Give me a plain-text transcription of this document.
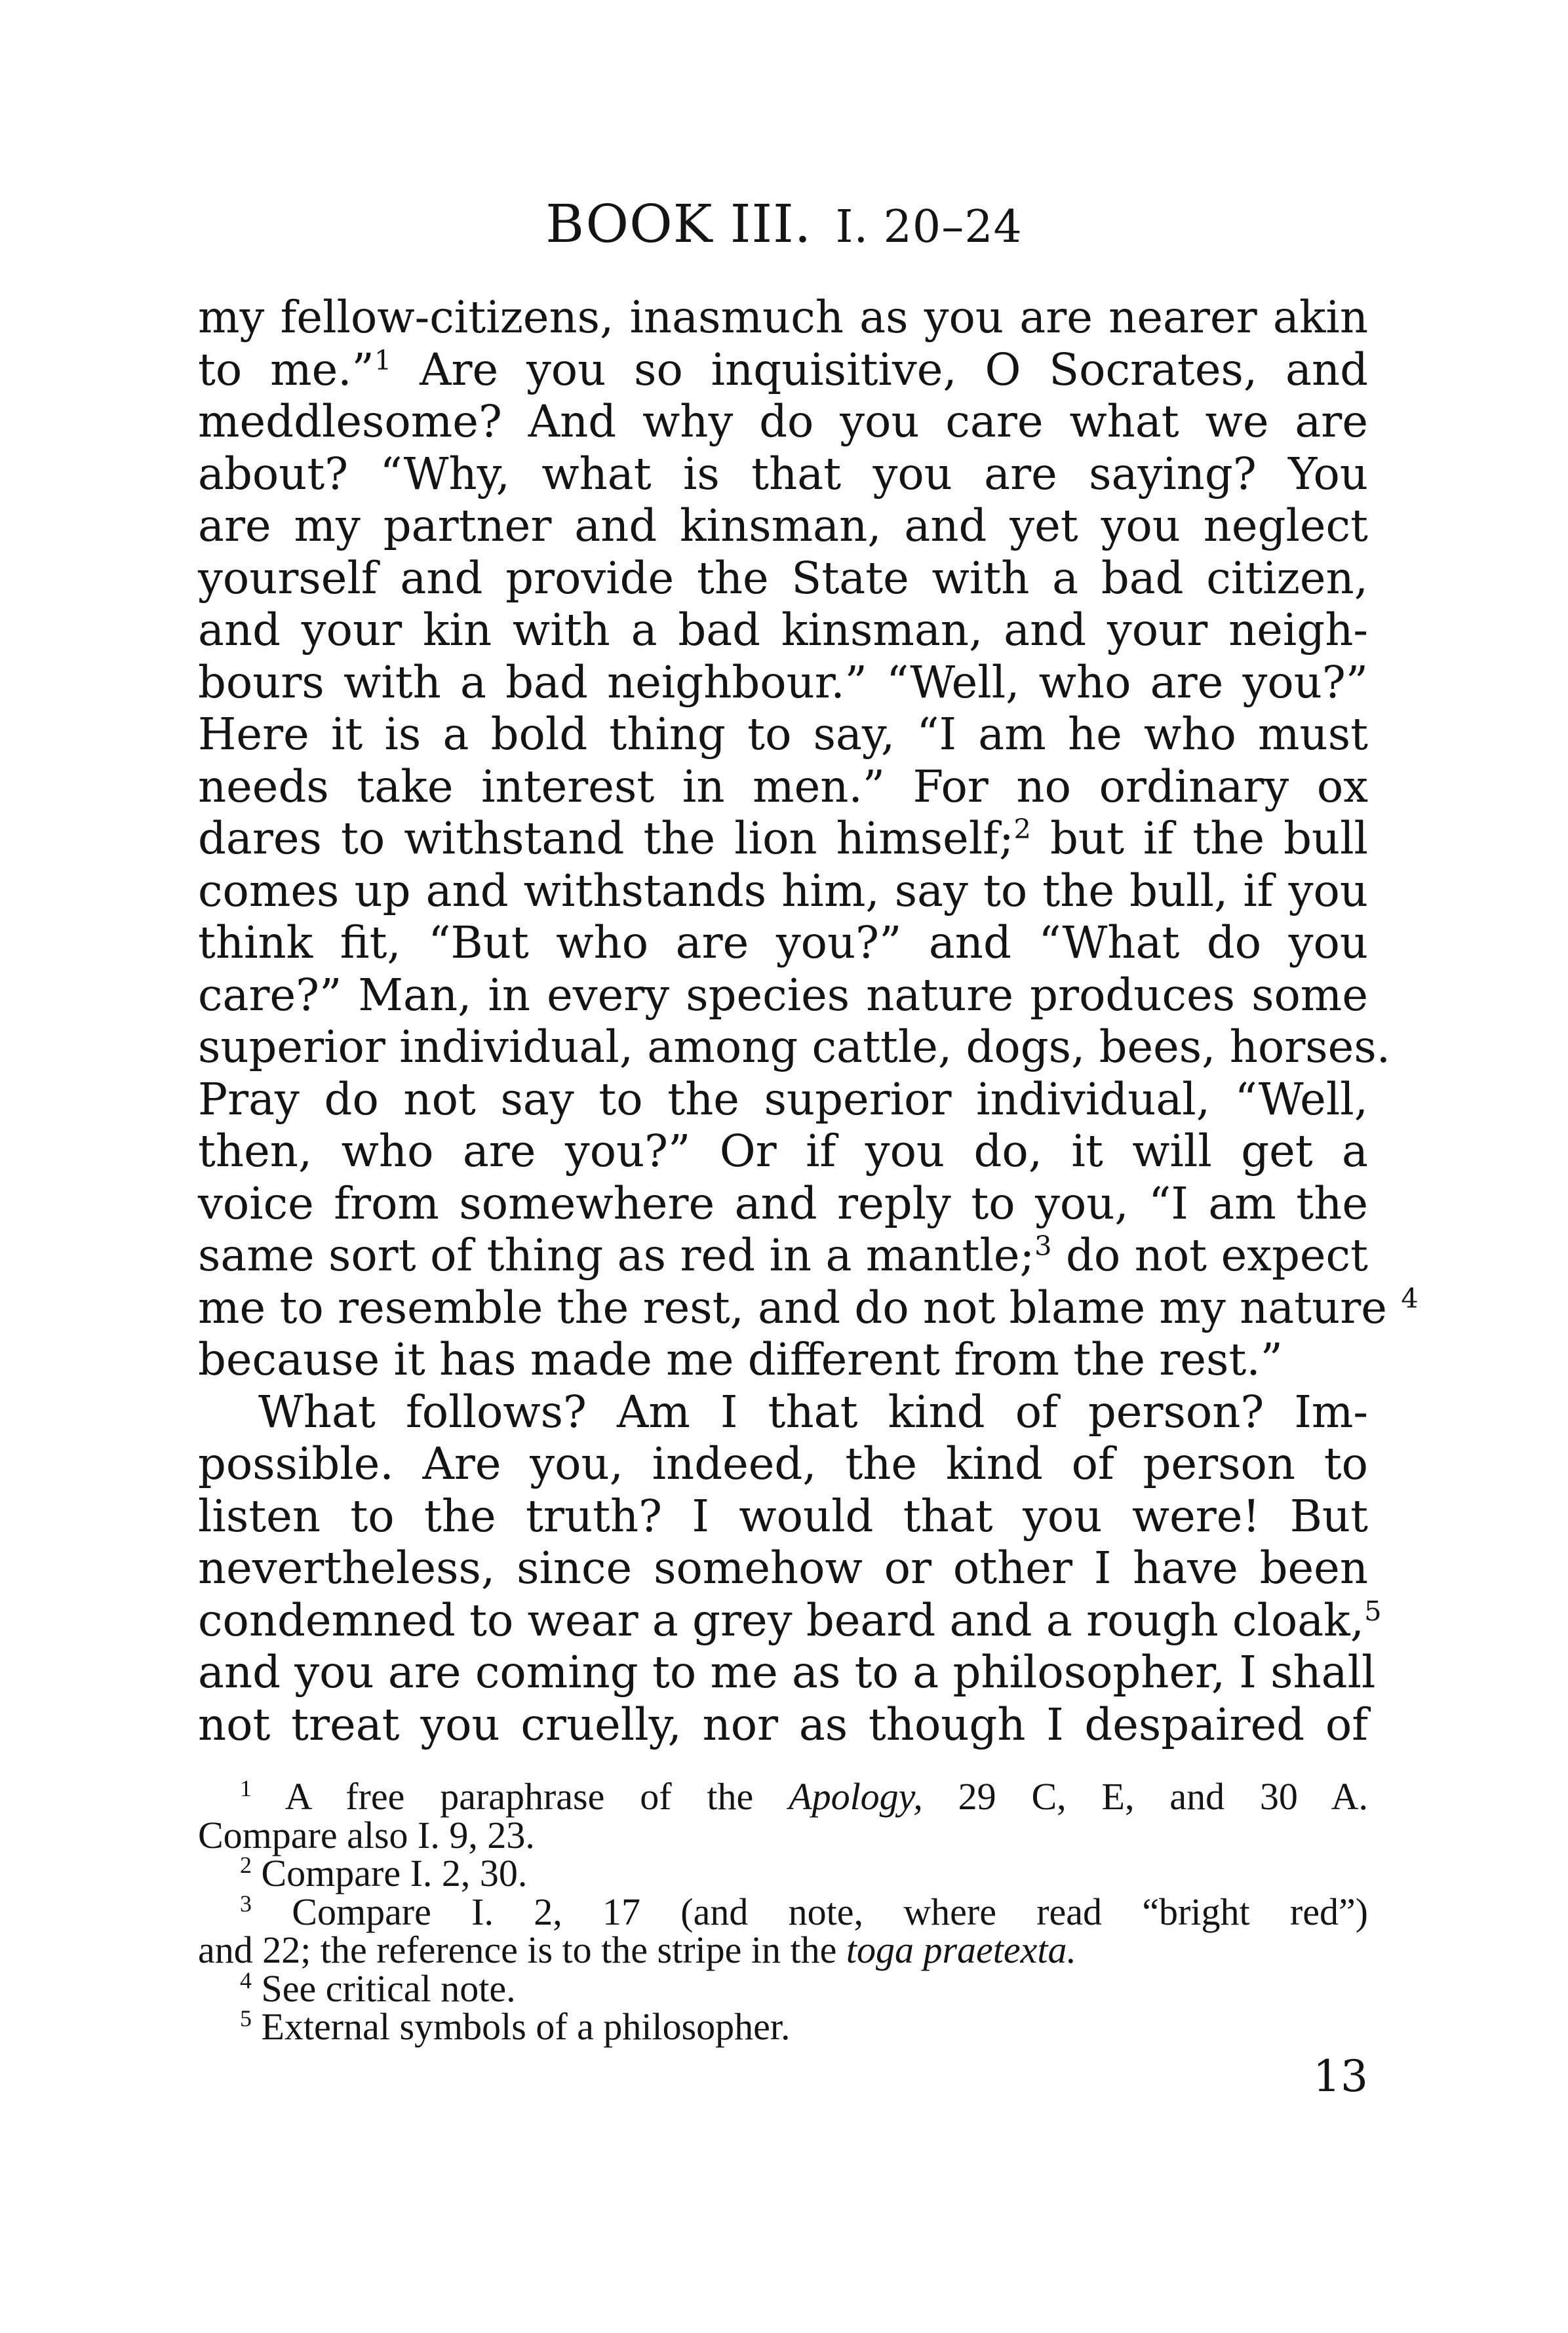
BOOK III. I. 20–24
my fellow-citizens, inasmuch as you are nearer akin
to me.”$^1$ Are you so inquisitive, O Socrates, and
meddlesome? And why do you care what we are
about? “Why, what is that you are saying? You
are my partner and kinsman, and yet you neglect
yourself and provide the State with a bad citizen,
and your kin with a bad kinsman, and your neigh-
bours with a bad neighbour.” “Well, who are you?”
Here it is a bold thing to say, “I am he who must
needs take interest in men.” For no ordinary ox
dares to withstand the lion himself;$^2$ but if the bull
comes up and withstands him, say to the bull, if you
think fit, “But who are you?” and “What do you
care?” Man, in every species nature produces some
superior individual, among cattle, dogs, bees, horses.
Pray do not say to the superior individual, “Well,
then, who are you?” Or if you do, it will get a
voice from somewhere and reply to you, “I am the
same sort of thing as red in a mantle;$^3$ do not expect
me to resemble the rest, and do not blame my nature $^4$
because it has made me different from the rest.”
What follows? Am I that kind of person? Im-
possible. Are you, indeed, the kind of person to
listen to the truth? I would that you were! But
nevertheless, since somehow or other I have been
condemned to wear a grey beard and a rough cloak,$^5$
and you are coming to me as to a philosopher, I shall
not treat you cruelly, nor as though I despaired of
$^1$ A free paraphrase of the Apology, 29 C, E, and 30 A.
Compare also I. 9, 23.
$^2$ Compare I. 2, 30.
$^3$ Compare I. 2, 17 (and note, where read “bright red”)
and 22; the reference is to the stripe in the toga praetexta.
$^4$ See critical note.
$^5$ External symbols of a philosopher.
13
